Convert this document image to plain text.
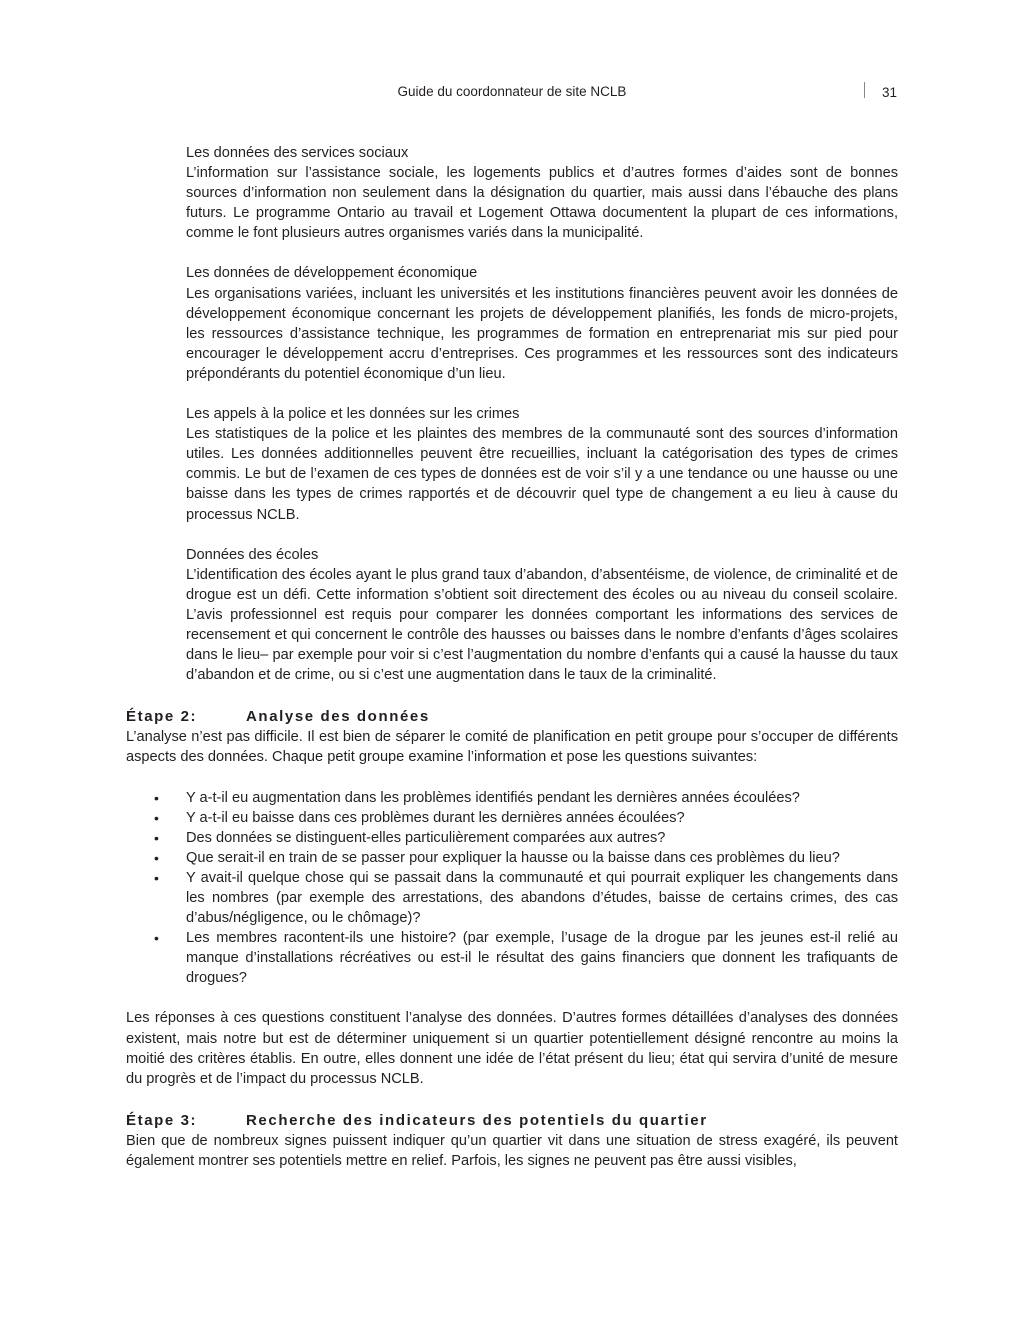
Guide du coordonnateur de site NCLB	31
Les données des services sociaux

L’information sur l’assistance sociale, les logements publics et d’autres formes d’aides sont de bonnes sources d’information non seulement dans la désignation du quartier, mais aussi dans l’ébauche des plans futurs. Le programme Ontario au travail et Logement Ottawa documentent la plupart de ces informations, comme le font plusieurs autres organismes variés dans la municipalité.

Les données de développement économique

Les organisations variées, incluant les universités et les institutions financières peuvent avoir les données de développement économique concernant les projets de développement planifiés, les fonds de micro-projets, les ressources d’assistance technique, les programmes de formation en entreprenariat mis sur pied pour encourager le développement accru d’entreprises. Ces programmes et les ressources sont des indicateurs prépondérants du potentiel économique d’un lieu.

Les appels à la police et les données sur les crimes

Les statistiques de la police et les plaintes des membres de la communauté sont des sources d’information utiles. Les données additionnelles peuvent être recueillies, incluant la catégorisation des types de crimes commis. Le but de l’examen de ces types de données est de voir s’il y a une tendance ou une hausse ou une baisse dans les types de crimes rapportés et de découvrir quel type de changement a eu lieu à cause du processus NCLB.

Données des écoles

L’identification des écoles ayant le plus grand taux d’abandon, d’absentéisme, de violence, de criminalité et de drogue est un défi. Cette information s’obtient soit directement des écoles ou au niveau du conseil scolaire. L’avis professionnel est requis pour comparer les données comportant les informations des services de recensement et qui concernent le contrôle des hausses ou baisses dans le nombre d’enfants d’âges scolaires dans le lieu– par exemple pour voir si c’est l’augmentation du nombre d’enfants qui a causé la hausse du taux d’abandon et de crime, ou si c’est une augmentation dans le taux de la criminalité.

Étape 2:	Analyse des données

L’analyse n’est pas difficile. Il est bien de séparer le comité de planification en petit groupe pour s’occuper de différents aspects des données. Chaque petit groupe examine l’information et pose les questions suivantes:

• Y a-t-il eu augmentation dans les problèmes identifiés pendant les dernières années écoulées?
• Y a-t-il eu baisse dans ces problèmes durant les dernières années écoulées?
• Des données se distinguent-elles particulièrement comparées aux autres?
• Que serait-il en train de se passer pour expliquer la hausse ou la baisse dans ces problèmes du lieu?
• Y avait-il quelque chose qui se passait dans la communauté et qui pourrait expliquer les changements dans les nombres (par exemple des arrestations, des abandons d’études, baisse de certains crimes, des cas d’abus/négligence, ou le chômage)?
• Les membres racontent-ils une histoire? (par exemple, l’usage de la drogue par les jeunes est-il relié au manque d’installations récréatives ou est-il le résultat des gains financiers que donnent les trafiquants de drogues?

Les réponses à ces questions constituent l’analyse des données. D’autres formes détaillées d’analyses des données existent, mais notre but est de déterminer uniquement si un quartier potentiellement désigné rencontre au moins la moitié des critères établis. En outre, elles donnent une idée de l’état présent du lieu; état qui servira d’unité de mesure du progrès et de l’impact du processus NCLB.

Étape 3:	Recherche des indicateurs des potentiels du quartier

Bien que de nombreux signes puissent indiquer qu’un quartier vit dans une situation de stress exagéré, ils peuvent également montrer ses potentiels mettre en relief. Parfois, les signes ne peuvent pas être aussi visibles,
